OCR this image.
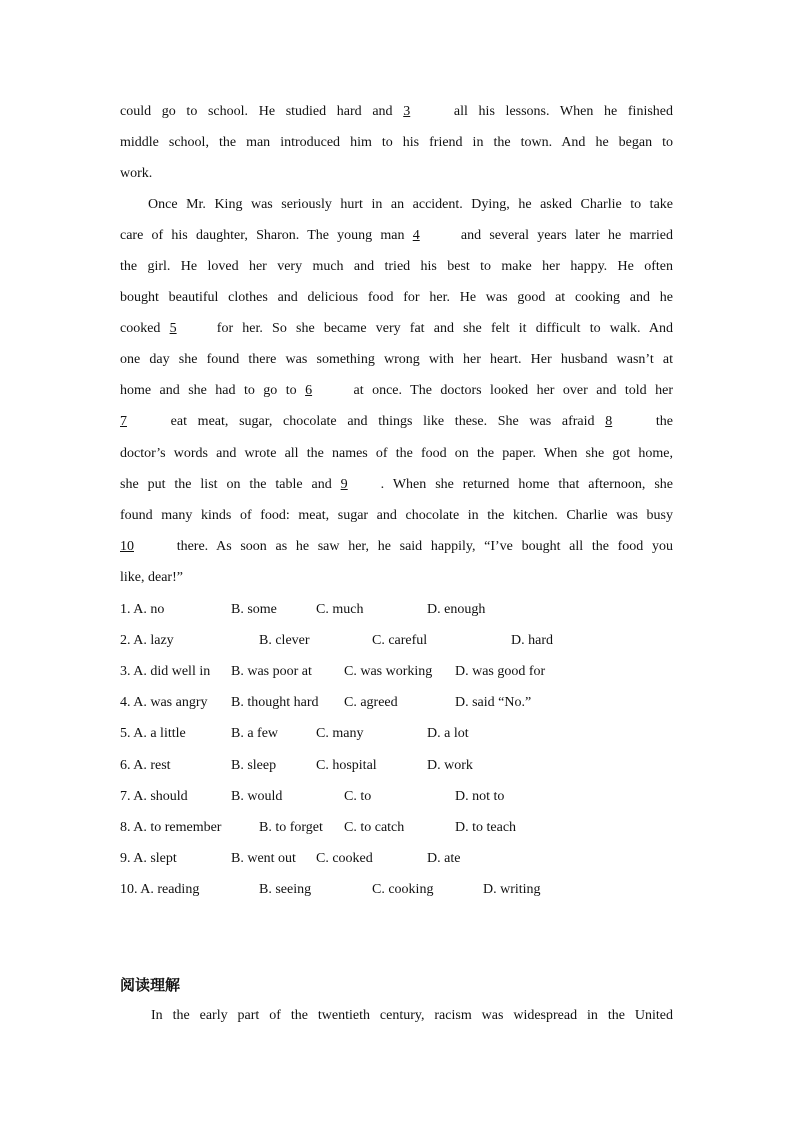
could go to school. He studied hard and 3 all his lessons. When he finished
middle school, the man introduced him to his friend in the town. And he began to
work.
Once Mr. King was seriously hurt in an accident. Dying, he asked Charlie to take
care of his daughter, Sharon. The young man 4 and several years later he married
the girl. He loved her very much and tried his best to make her happy. He often
bought beautiful clothes and delicious food for her. He was good at cooking and he
cooked 5 for her. So she became very fat and she felt it difficult to walk. And
one day she found there was something wrong with her heart. Her husband wasn’t at
home and she had to go to 6 at once. The doctors looked her over and told her
7 eat meat, sugar, chocolate and things like these. She was afraid 8 the
doctor’s words and wrote all the names of the food on the paper. When she got home,
she put the list on the table and 9 . When she returned home that afternoon, she
found many kinds of food: meat, sugar and chocolate in the kitchen. Charlie was busy
10 there. As soon as he saw her, he said happily, “I’ve bought all the food you
like, dear!”
1. A. no	B. some	C. much	D. enough
2. A. lazy	B. clever	C. careful	D. hard
3. A. did well in B. was poor at C. was working D. was good for
4. A. was angry B. thought hard C. agreed	D. said “No.”
5. A. a little	B. a few	C. many	D. a lot
6. A. rest	B. sleep	C. hospital	D. work
7. A. should	B. would	C. to	D. not to
8. A. to remember	B. to forget C. to catch	D. to teach
9. A. slept	B. went out C. cooked	D. ate
10. A. reading	B. seeing	C. cooking	D. writing
阅读理解
In the early part of the twentieth century, racism was widespread in the United
